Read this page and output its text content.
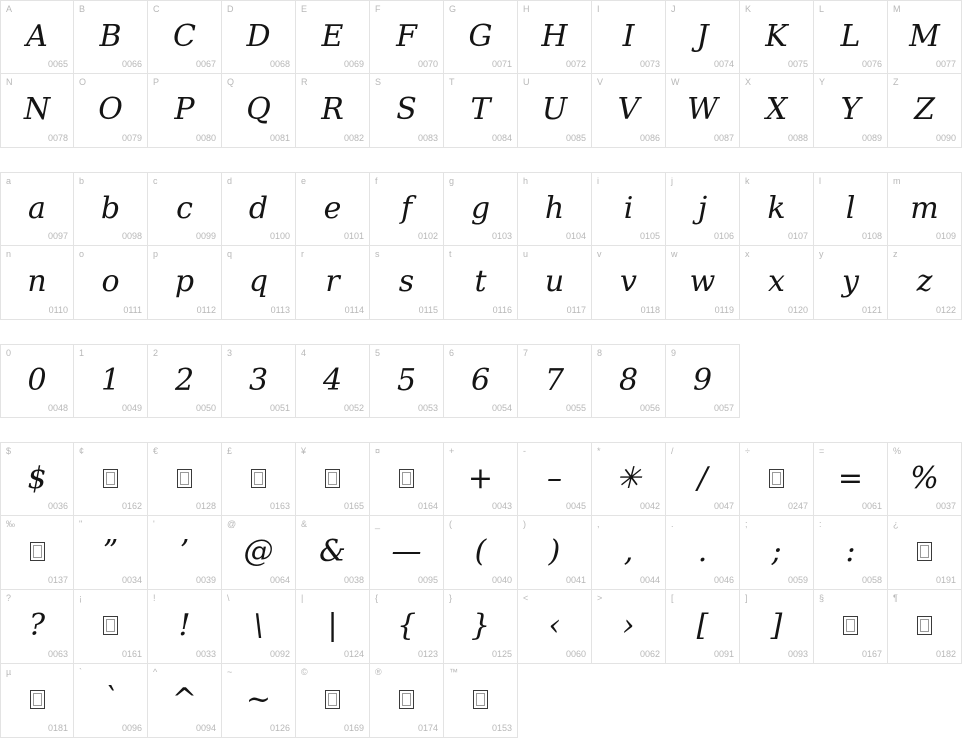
A
A
0065
B
B
0066
C
C
0067
D
D
0068
E
E
0069
F
F
0070
G
G
0071
H
H
0072
I
I
0073
J
J
0074
K
K
0075
L
L
0076
M
M
0077
N
N
0078
O
O
0079
P
P
0080
Q
Q
0081
R
R
0082
S
S
0083
T
T
0084
U
U
0085
V
V
0086
W
W
0087
X
X
0088
Y
Y
0089
Z
Z
0090
a
a
0097
b
b
0098
c
c
0099
d
d
0100
e
e
0101
f
f
0102
g
g
0103
h
h
0104
i
i
0105
j
j
0106
k
k
0107
l
l
0108
m
m
0109
n
n
0110
o
o
0111
p
p
0112
q
q
0113
r
r
0114
s
s
0115
t
t
0116
u
u
0117
v
v
0118
w
w
0119
x
x
0120
y
y
0121
z
z
0122
0
0
0048
1
1
0049
2
2
0050
3
3
0051
4
4
0052
5
5
0053
6
6
0054
7
7
0055
8
8
0056
9
9
0057
$
$
0036
¢
0162
€
0128
£
0163
¥
0165
¤
0164
+
+
0043
-
–
0045
*
✳
0042
/
/
0047
÷
0247
=
=
0061
%
%
0037
‰
0137
"
”
0034
'
’
0039
@
@
0064
&
&
0038
_
—
0095
(
(
0040
)
)
0041
,
,
0044
.
.
0046
;
;
0059
:
:
0058
¿
0191
?
?
0063
¡
0161
!
!
0033
\
\
0092
|
|
0124
{
{
0123
}
}
0125
<
‹
0060
>
›
0062
[
[
0091
]
]
0093
§
0167
¶
0182
µ
0181
`
`
0096
^
^
0094
~
~
0126
©
0169
®
0174
™
0153
